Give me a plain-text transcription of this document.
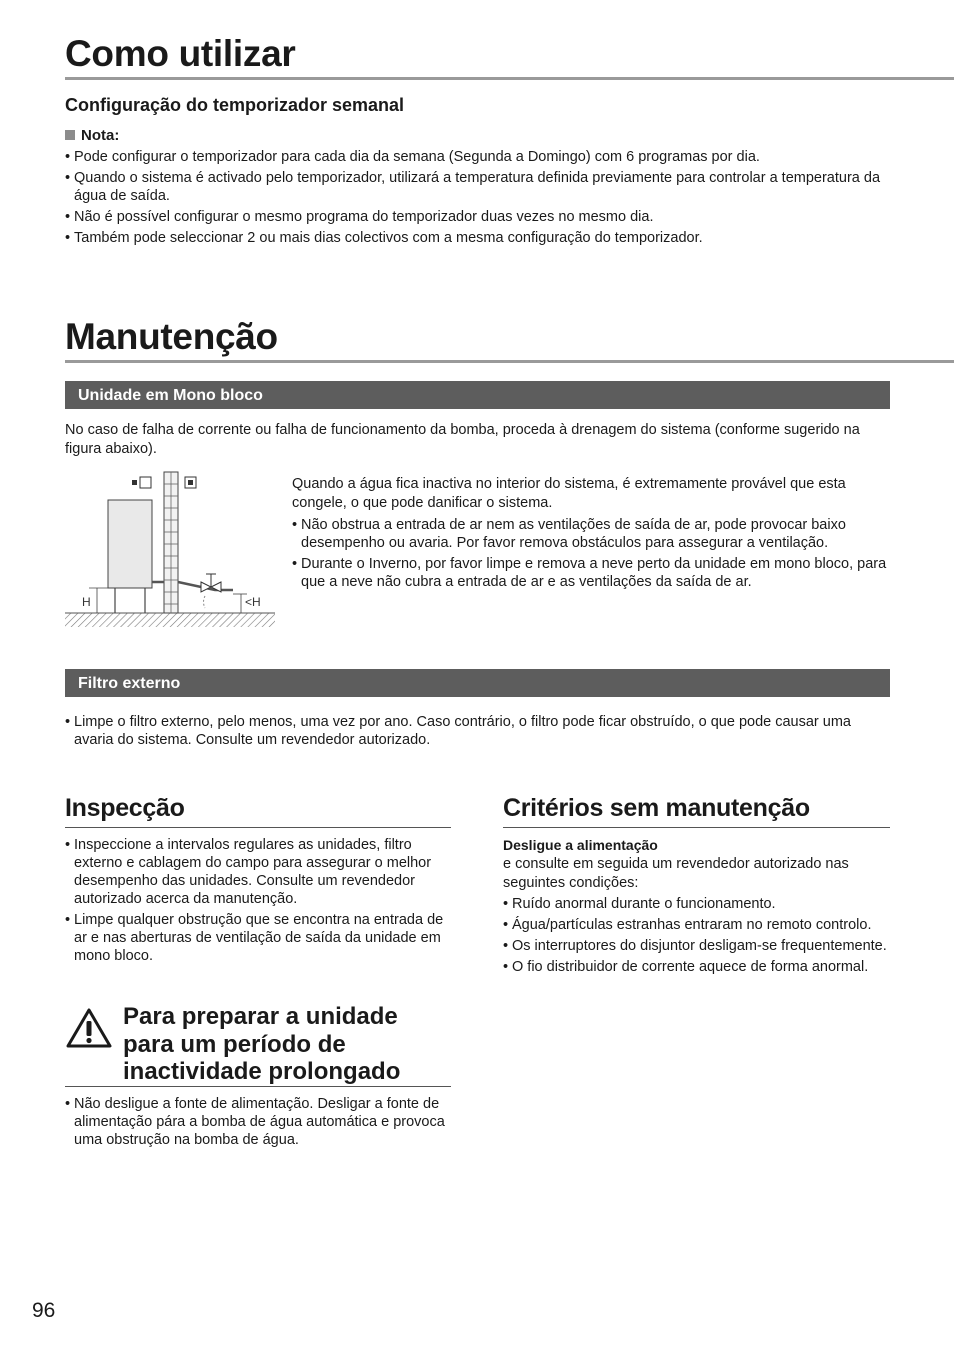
Como utilizar
Configuração do temporizador semanal
Nota:
• Pode configurar o temporizador para cada dia da semana (Segunda a Domingo) com 6 programas por dia.
• Quando o sistema é activado pelo temporizador, utilizará a temperatura definida previamente para controlar a temperatura da água de saída.
• Não é possível configurar o mesmo programa do temporizador duas vezes no mesmo dia.
• Também pode seleccionar 2 ou mais dias colectivos com a mesma configuração do temporizador.
Manutenção
Unidade em Mono bloco

No caso de falha de corrente ou falha de funcionamento da bomba, proceda à drenagem do sistema (conforme sugerido na figura abaixo).

H	<H

Quando a água fica inactiva no interior do sistema, é extremamente provável que esta congele, o que pode danificar o sistema.

• Não obstrua a entrada de ar nem as ventilações de saída de ar, pode provocar baixo desempenho ou avaria. Por favor remova obstáculos para assegurar a ventilação.
• Durante o Inverno, por favor limpe e remova a neve perto da unidade em mono bloco, para que a neve não cubra a entrada de ar e as ventilações da saída de ar.
Filtro externo
• Limpe o filtro externo, pelo menos, uma vez por ano. Caso contrário, o filtro pode ficar obstruído, o que pode causar uma avaria do sistema. Consulte um revendedor autorizado.
Inspecção
• Inspeccione a intervalos regulares as unidades, filtro externo e cablagem do campo para assegurar o melhor desempenho das unidades. Consulte um revendedor autorizado acerca da manutenção.
• Limpe qualquer obstrução que se encontra na entrada de ar e nas aberturas de ventilação de saída da unidade em mono bloco.
Para preparar a unidade para um período de inactividade prolongado
• Não desligue a fonte de alimentação. Desligar a fonte de alimentação pára a bomba de água automática e provoca uma obstrução na bomba de água.
Critérios sem manutenção

Desligue a alimentação

e consulte em seguida um revendedor autorizado nas seguintes condições:

• Ruído anormal durante o funcionamento.
• Água/partículas estranhas entraram no remoto controlo.
• Os interruptores do disjuntor desligam-se frequentemente.
• O fio distribuidor de corrente aquece de forma anormal.
96
